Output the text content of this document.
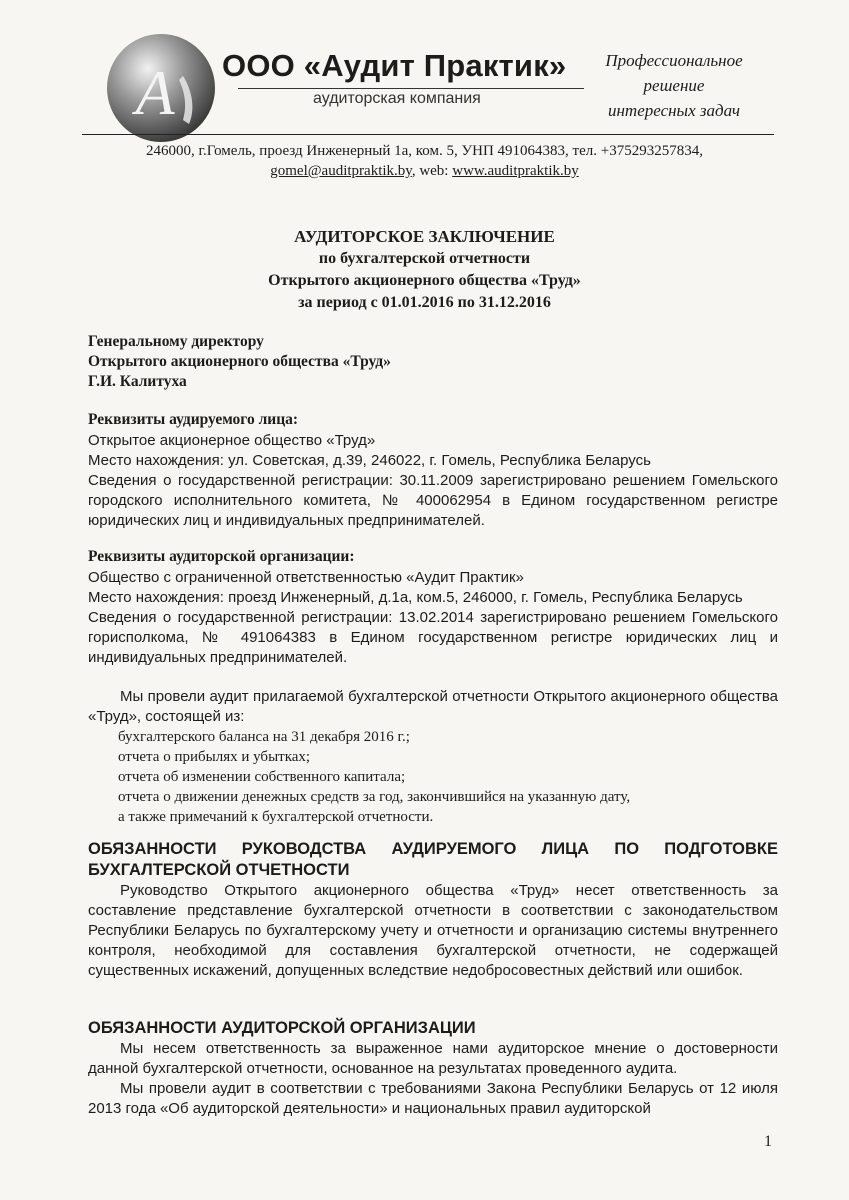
А ООО «Аудит Практик»
аудиторская компания
Профессиональное
решение
интересных задач
246000, г.Гомель, проезд Инженерный 1а, ком. 5, УНП 491064383, тел. +375293257834,
gomel@auditpraktik.by, web: www.auditpraktik.by
АУДИТОРСКОЕ ЗАКЛЮЧЕНИЕ
по бухгалтерской отчетности
Открытого акционерного общества «Труд»
за период с 01.01.2016 по 31.12.2016
Генеральному директору
Открытого акционерного общества «Труд»
Г.И. Калитуха
Реквизиты аудируемого лица:
Открытое акционерное общество «Труд»
Место нахождения: ул. Советская, д.39, 246022, г. Гомель, Республика Беларусь
Сведения о государственной регистрации: 30.11.2009 зарегистрировано решением Гомельского городского исполнительного комитета, № 400062954 в Едином государственном регистре юридических лиц и индивидуальных предпринимателей.
Реквизиты аудиторской организации:
Общество с ограниченной ответственностью «Аудит Практик»
Место нахождения: проезд Инженерный, д.1а, ком.5, 246000, г. Гомель, Республика Беларусь
Сведения о государственной регистрации: 13.02.2014 зарегистрировано решением Гомельского горисполкома, № 491064383 в Едином государственном регистре юридических лиц и индивидуальных предпринимателей.
Мы провели аудит прилагаемой бухгалтерской отчетности Открытого акционерного общества «Труд», состоящей из:
бухгалтерского баланса на 31 декабря 2016 г.;
отчета о прибылях и убытках;
отчета об изменении собственного капитала;
отчета о движении денежных средств за год, закончившийся на указанную дату,
а также примечаний к бухгалтерской отчетности.
ОБЯЗАННОСТИ РУКОВОДСТВА АУДИРУЕМОГО ЛИЦА ПО ПОДГОТОВКЕ БУХГАЛТЕРСКОЙ ОТЧЕТНОСТИ
Руководство Открытого акционерного общества «Труд» несет ответственность за составление представление бухгалтерской отчетности в соответствии с законодательством Республики Беларусь по бухгалтерскому учету и отчетности и организацию системы внутреннего контроля, необходимой для составления бухгалтерской отчетности, не содержащей существенных искажений, допущенных вследствие недобросовестных действий или ошибок.
ОБЯЗАННОСТИ АУДИТОРСКОЙ ОРГАНИЗАЦИИ
Мы несем ответственность за выраженное нами аудиторское мнение о достоверности данной бухгалтерской отчетности, основанное на результатах проведенного аудита.
Мы провели аудит в соответствии с требованиями Закона Республики Беларусь от 12 июля 2013 года «Об аудиторской деятельности» и национальных правил аудиторской
1
